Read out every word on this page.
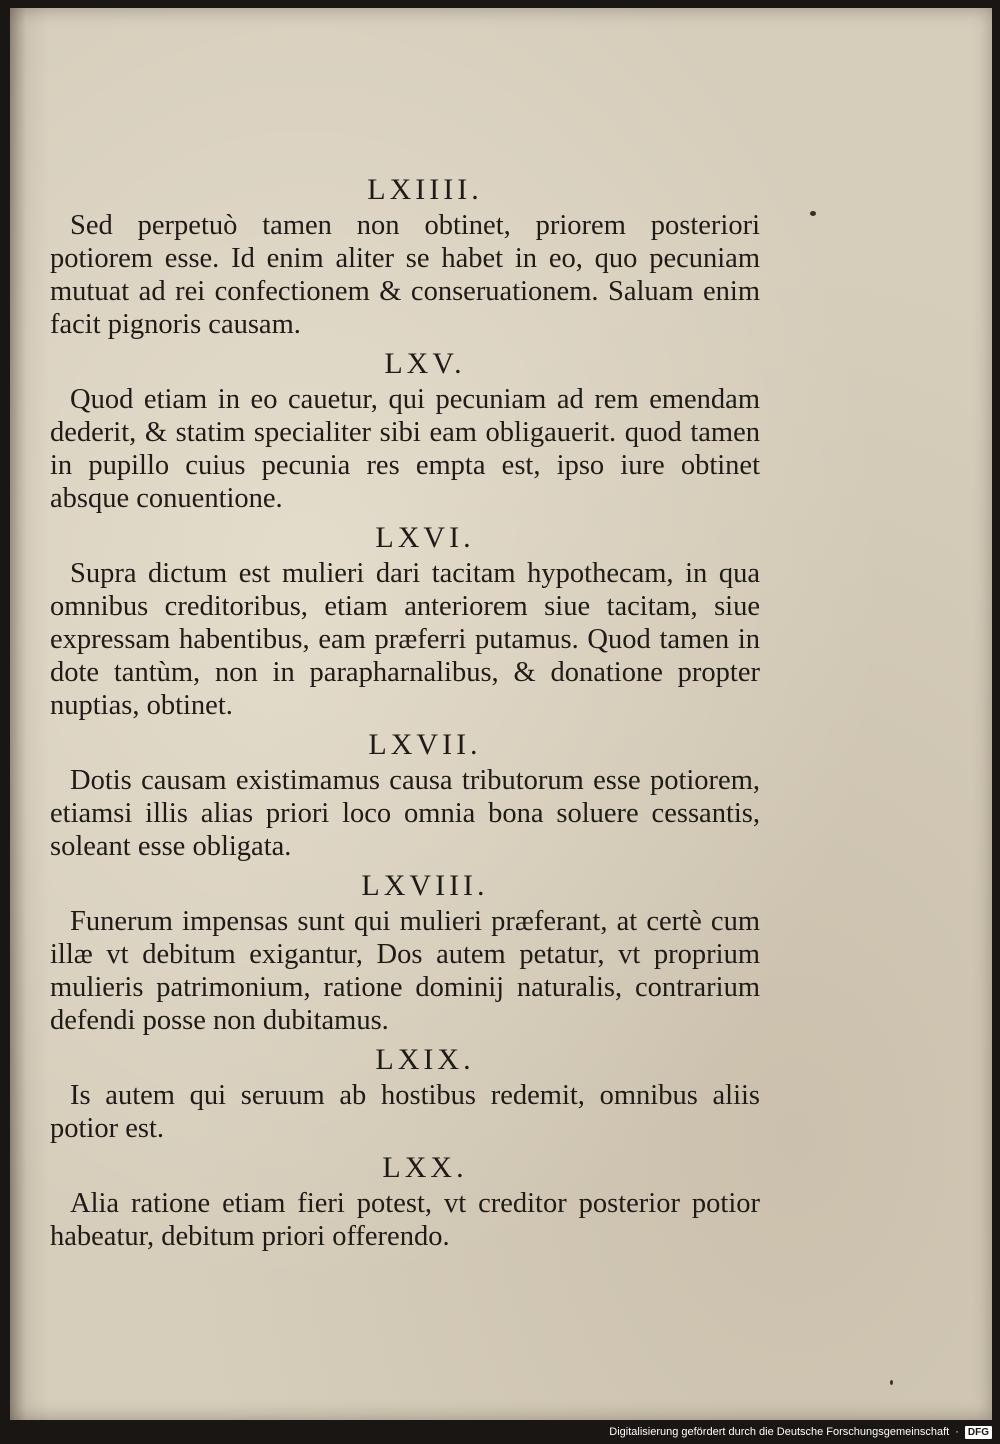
LXIIII.

Sed perpetuò tamen non obtinet, priorem posteriori potiorem esse. Id enim aliter se habet in eo, quo pecuniam mutuat ad rei confectionem & conseruationem. Saluam enim facit pignoris causam.

LXV.

Quod etiam in eo cauetur, qui pecuniam ad rem emendam dederit, & statim specialiter sibi eam obligauerit. quod tamen in pupillo cuius pecunia res empta est, ipso iure obtinet absque conuentione.

LXVI.

Supra dictum est mulieri dari tacitam hypothecam, in qua omnibus creditoribus, etiam anteriorem siue tacitam, siue expressam habentibus, eam præferri putamus. Quod tamen in dote tantùm, non in parapharnalibus, & donatione propter nuptias, obtinet.

LXVII.

Dotis causam existimamus causa tributorum esse potiorem, etiamsi illis alias priori loco omnia bona soluere cessantis, soleant esse obligata.

LXVIII.

Funerum impensas sunt qui mulieri præferant, at certè cum illæ vt debitum exigantur, Dos autem petatur, vt proprium mulieris patrimonium, ratione dominij naturalis, contrarium defendi posse non dubitamus.

LXIX.

Is autem qui seruum ab hostibus redemit, omnibus aliis potior est.

LXX.

Alia ratione etiam fieri potest, vt creditor posterior potior habeatur, debitum priori offerendo.

Digitalisierung gefördert durch die Deutsche Forschungsgemeinschaft · DFG
